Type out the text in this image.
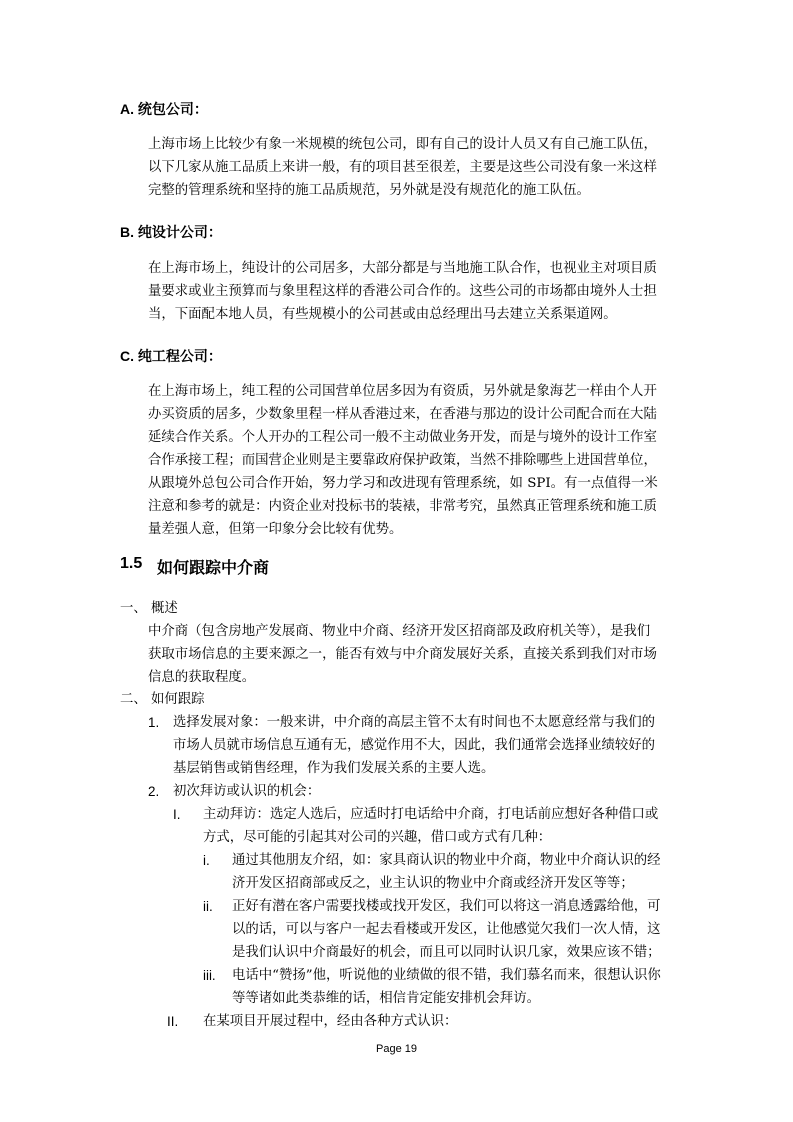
A. 统包公司：
上海市场上比较少有象一米规模的统包公司，即有自己的设计人员又有自己施工队伍，
以下几家从施工品质上来讲一般，有的项目甚至很差，主要是这些公司没有象一米这样
完整的管理系统和坚持的施工品质规范，另外就是没有规范化的施工队伍。
B. 纯设计公司：
在上海市场上，纯设计的公司居多，大部分都是与当地施工队合作，也视业主对项目质
量要求或业主预算而与象里程这样的香港公司合作的。这些公司的市场都由境外人士担
当，下面配本地人员，有些规模小的公司甚或由总经理出马去建立关系渠道网。
C. 纯工程公司：
在上海市场上，纯工程的公司国营单位居多因为有资质，另外就是象海艺一样由个人开
办买资质的居多，少数象里程一样从香港过来，在香港与那边的设计公司配合而在大陆
延续合作关系。个人开办的工程公司一般不主动做业务开发，而是与境外的设计工作室
合作承接工程；而国营企业则是主要靠政府保护政策，当然不排除哪些上进国营单位，
从跟境外总包公司合作开始，努力学习和改进现有管理系统，如 SPI。有一点值得一米
注意和参考的就是：内资企业对投标书的装裱，非常考究，虽然真正管理系统和施工质
量差强人意，但第一印象分会比较有优势。
1.5 如何跟踪中介商
一、 概述
中介商（包含房地产发展商、物业中介商、经济开发区招商部及政府机关等），是我们
获取市场信息的主要来源之一，能否有效与中介商发展好关系，直接关系到我们对市场
信息的获取程度。
二、 如何跟踪
1. 选择发展对象：一般来讲，中介商的高层主管不太有时间也不太愿意经常与我们的
市场人员就市场信息互通有无，感觉作用不大，因此，我们通常会选择业绩较好的
基层销售或销售经理，作为我们发展关系的主要人选。
2. 初次拜访或认识的机会：
I. 主动拜访：选定人选后，应适时打电话给中介商，打电话前应想好各种借口或
方式，尽可能的引起其对公司的兴趣，借口或方式有几种：
i. 通过其他朋友介绍，如：家具商认识的物业中介商，物业中介商认识的经
济开发区招商部或反之，业主认识的物业中介商或经济开发区等等；
ii. 正好有潜在客户需要找楼或找开发区，我们可以将这一消息透露给他，可
以的话，可以与客户一起去看楼或开发区，让他感觉欠我们一次人情，这
是我们认识中介商最好的机会，而且可以同时认识几家，效果应该不错；
iii. 电话中“赞扬”他，听说他的业绩做的很不错，我们慕名而来，很想认识你
等等诸如此类恭维的话，相信肯定能安排机会拜访。
II. 在某项目开展过程中，经由各种方式认识：
Page 19
